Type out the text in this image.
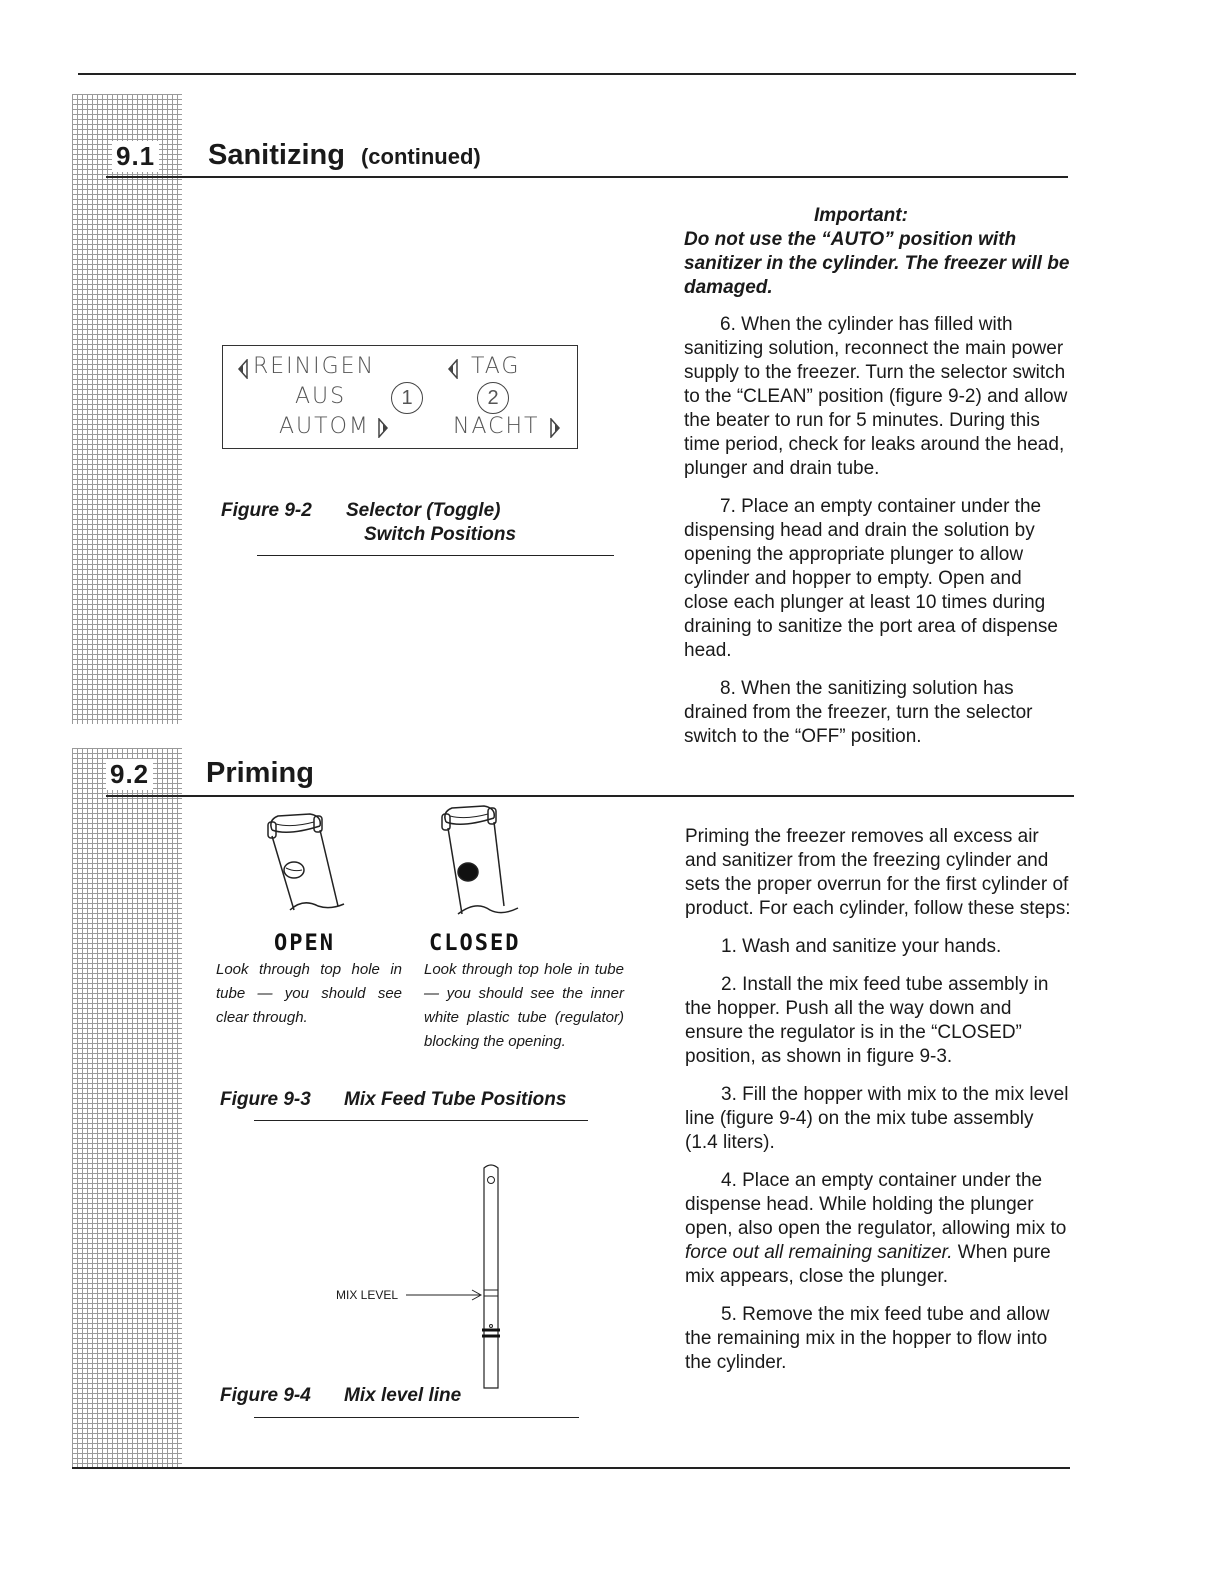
9.1 Sanitizing (continued)
Important:
Do not use the “AUTO” position with sanitizer in the cylinder. The freezer will be damaged.

6. When the cylinder has filled with sanitizing solution, reconnect the main power supply to the freezer. Turn the selector switch to the “CLEAN” position (figure 9-2) and allow the beater to run for 5 minutes. During this time period, check for leaks around the head, plunger and drain tube.

7. Place an empty container under the dispensing head and drain the solution by opening the appropriate plunger to allow cylinder and hopper to empty. Open and close each plunger at least 10 times during draining to sanitize the port area of dispense head.

8. When the sanitizing solution has drained from the freezer, turn the selector switch to the “OFF” position.

REINIGEN	TAG
AUS	1	2
AUTOM	NACHT
Figure 9-2 Selector (Toggle)
Switch Positions
9.2 Priming
OPEN	CLOSED
Look through top hole in tube — you should see clear through.
Look through top hole in tube — you should see the inner white plastic tube (regulator) blocking the opening.
Figure 9-3 Mix Feed Tube Positions
MIX LEVEL
Figure 9-4 Mix level line

Priming the freezer removes all excess air and sanitizer from the freezing cylinder and sets the proper overrun for the first cylinder of product. For each cylinder, follow these steps:

1. Wash and sanitize your hands.

2. Install the mix feed tube assembly in the hopper. Push all the way down and ensure the regulator is in the “CLOSED” position, as shown in figure 9-3.

3. Fill the hopper with mix to the mix level line (figure 9-4) on the mix tube assembly (1.4 liters).

4. Place an empty container under the dispense head. While holding the plunger open, also open the regulator, allowing mix to force out all remaining sanitizer. When pure mix appears, close the plunger.

5. Remove the mix feed tube and allow the remaining mix in the hopper to flow into the cylinder.
